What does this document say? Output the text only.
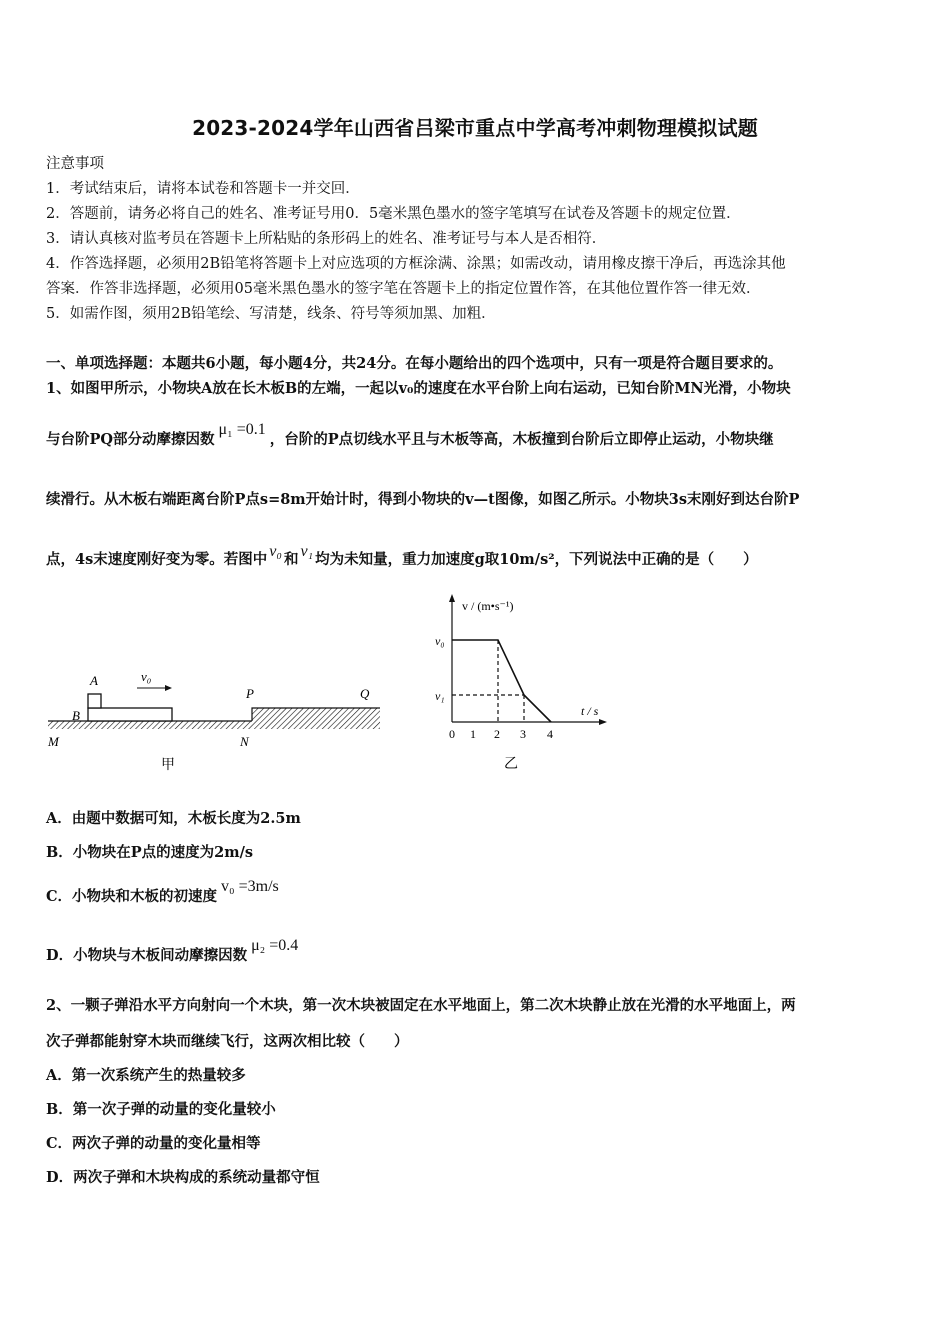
2023-2024学年山西省吕梁市重点中学高考冲刺物理模拟试题
注意事项
1．考试结束后，请将本试卷和答题卡一并交回．
2．答题前，请务必将自己的姓名、准考证号用0．5毫米黑色墨水的签字笔填写在试卷及答题卡的规定位置．
3．请认真核对监考员在答题卡上所粘贴的条形码上的姓名、准考证号与本人是否相符．
4．作答选择题，必须用2B铅笔将答题卡上对应选项的方框涂满、涂黑；如需改动，请用橡皮擦干净后，再选涂其他
答案．作答非选择题，必须用05毫米黑色墨水的签字笔在答题卡上的指定位置作答，在其他位置作答一律无效．
5．如需作图，须用2B铅笔绘、写清楚，线条、符号等须加黑、加粗．
一、单项选择题：本题共6小题，每小题4分，共24分。在每小题给出的四个选项中，只有一项是符合题目要求的。
1、如图甲所示，小物块A放在长木板B的左端，一起以v₀的速度在水平台阶上向右运动，已知台阶MN光滑，小物块
与台阶PQ部分动摩擦因数μ₁ =0.1，台阶的P点切线水平且与木板等高，木板撞到台阶后立即停止运动，小物块继
续滑行。从木板右端距离台阶P点s=8m开始计时，得到小物块的v—t图像，如图乙所示。小物块3s末刚好到达台阶P
点，4s末速度刚好变为零。若图中 v₀ 和 v₁ 均为未知量，重力加速度g取10m/s²，下列说法中正确的是（　　）
v₀
A
B
M	N
P	Q
甲
v / (m•s⁻¹)
t / s
v₀
v₁
0 1 2 3 4
乙
A．由题中数据可知，木板长度为2.5m
B．小物块在P点的速度为2m/s
C．小物块和木板的初速度v₀ =3m/s
D．小物块与木板间动摩擦因数μ₂ =0.4
2、一颗子弹沿水平方向射向一个木块，第一次木块被固定在水平地面上，第二次木块静止放在光滑的水平地面上，两
次子弹都能射穿木块而继续飞行，这两次相比较（　　）
A．第一次系统产生的热量较多
B．第一次子弹的动量的变化量较小
C．两次子弹的动量的变化量相等
D．两次子弹和木块构成的系统动量都守恒
